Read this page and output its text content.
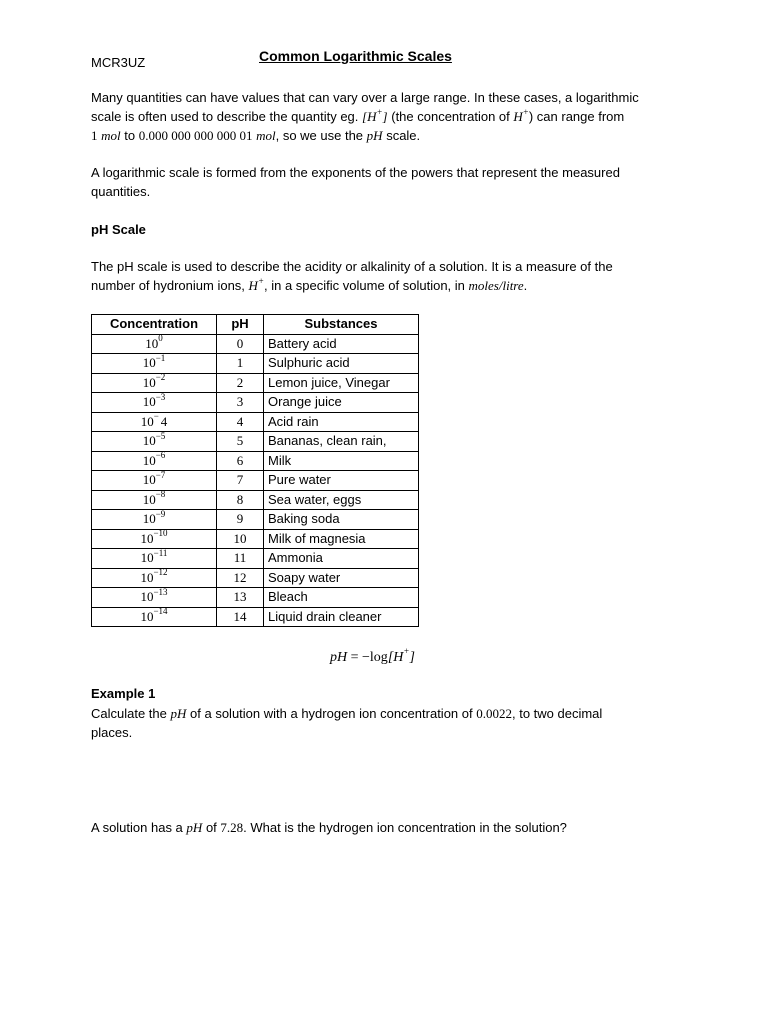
MCR3UZ	Common Logarithmic Scales
Many quantities can have values that can vary over a large range. In these cases, a logarithmic
scale is often used to describe the quantity eg. [H+] (the concentration of H+) can range from
1 mol to 0.000 000 000 000 01 mol, so we use the pH scale.
A logarithmic scale is formed from the exponents of the powers that represent the measured
quantities.
pH Scale
The pH scale is used to describe the acidity or alkalinity of a solution. It is a measure of the
number of hydronium ions, H+, in a specific volume of solution, in moles/litre.
Concentration	pH	Substances
$10^0$	0	Battery acid
$10^{-1}$	1	Sulphuric acid
$10^{-2}$	2	Lemon juice, Vinegar
$10^{-3}$	3	Orange juice
10− 4	4	Acid rain
$10^{-5}$	5	Bananas, clean rain,
$10^{-6}$	6	Milk
$10^{-7}$	7	Pure water
$10^{-8}$	8	Sea water, eggs
$10^{-9}$	9	Baking soda
$10^{-10}$	10	Milk of magnesia
$10^{-11}$	11	Ammonia
$10^{-12}$	12	Soapy water
$10^{-13}$	13	Bleach
$10^{-14}$	14	Liquid drain cleaner
pH = −log[H+]
Example 1
Calculate the pH of a solution with a hydrogen ion concentration of 0.0022, to two decimal
places.
A solution has a pH of 7.28. What is the hydrogen ion concentration in the solution?
